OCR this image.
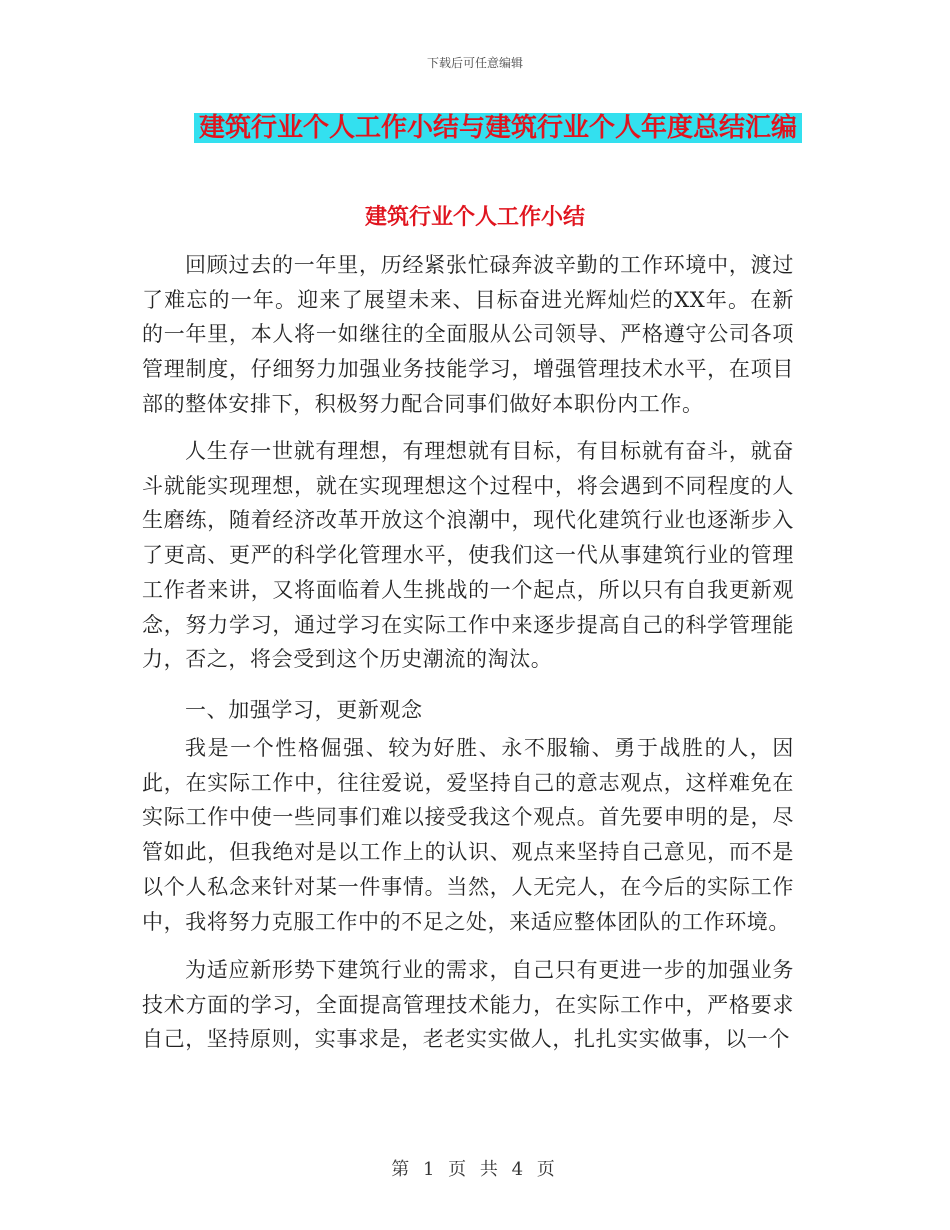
下载后可任意编辑
建筑行业个人工作小结与建筑行业个人年度总结汇编
建筑行业个人工作小结

回顾过去的一年里，历经紧张忙碌奔波辛勤的工作环境中，渡过了难忘的一年。迎来了展望未来、目标奋进光辉灿烂的XX年。在新的一年里，本人将一如继往的全面服从公司领导、严格遵守公司各项管理制度，仔细努力加强业务技能学习，增强管理技术水平，在项目部的整体安排下，积极努力配合同事们做好本职份内工作。

人生存一世就有理想，有理想就有目标，有目标就有奋斗，就奋斗就能实现理想，就在实现理想这个过程中，将会遇到不同程度的人生磨练，随着经济改革开放这个浪潮中，现代化建筑行业也逐渐步入了更高、更严的科学化管理水平，使我们这一代从事建筑行业的管理工作者来讲，又将面临着人生挑战的一个起点，所以只有自我更新观念，努力学习，通过学习在实际工作中来逐步提高自己的科学管理能力，否之，将会受到这个历史潮流的淘汰。

一、加强学习，更新观念

我是一个性格倔强、较为好胜、永不服输、勇于战胜的人，因此，在实际工作中，往往爱说，爱坚持自己的意志观点，这样难免在实际工作中使一些同事们难以接受我这个观点。首先要申明的是，尽管如此，但我绝对是以工作上的认识、观点来坚持自己意见，而不是以个人私念来针对某一件事情。当然，人无完人，在今后的实际工作中，我将努力克服工作中的不足之处，来适应整体团队的工作环境。

为适应新形势下建筑行业的需求，自己只有更进一步的加强业务技术方面的学习，全面提高管理技术能力，在实际工作中，严格要求自己，坚持原则，实事求是，老老实实做人，扎扎实实做事，以一个

第 1 页 共 4 页
